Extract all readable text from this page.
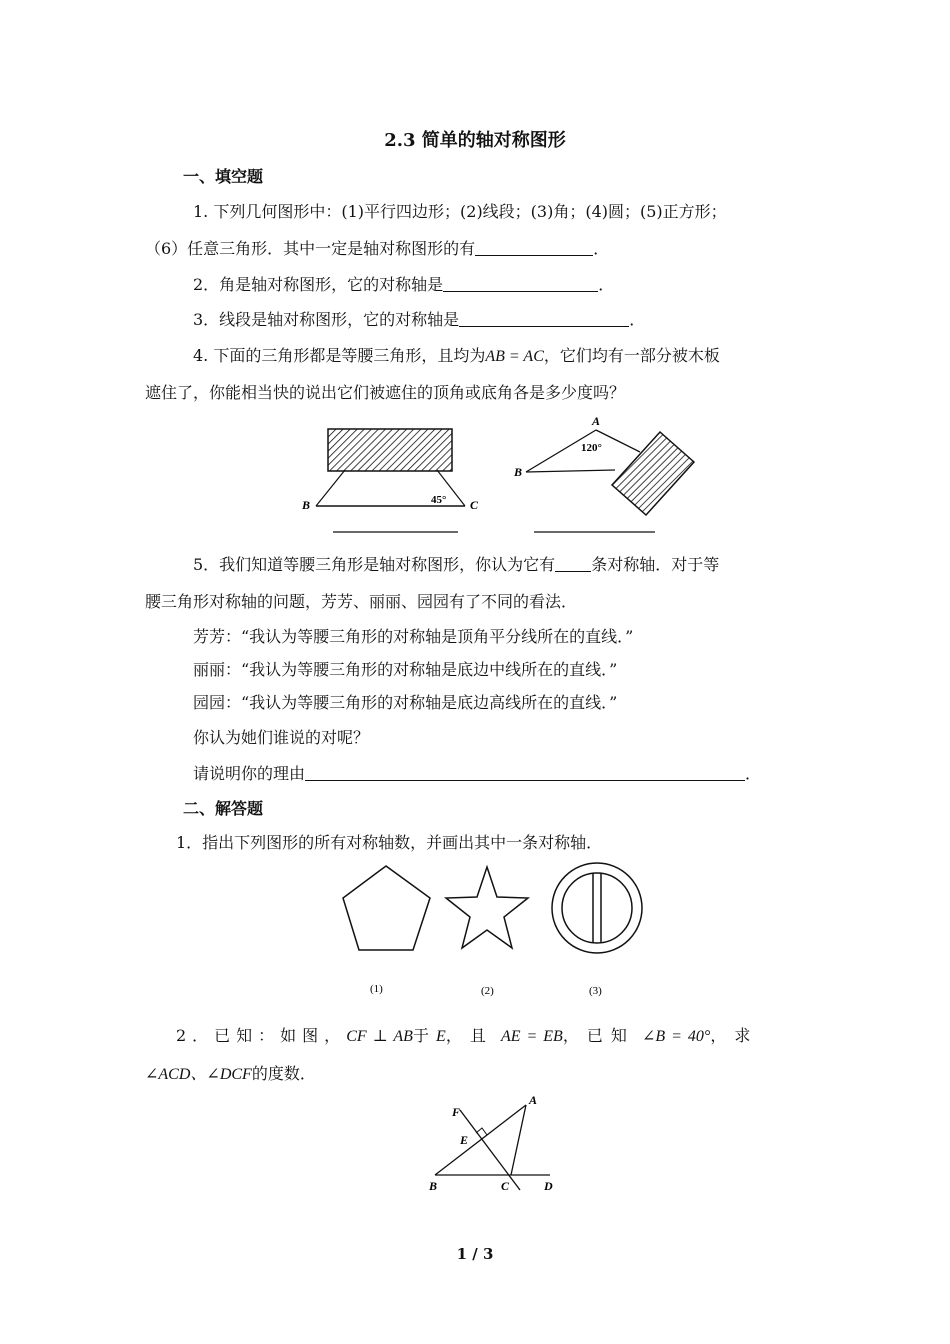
2.3 简单的轴对称图形
一、填空题
1. 下列几何图形中：(1)平行四边形；(2)线段；(3)角；(4)圆；(5)正方形；
（6）任意三角形．其中一定是轴对称图形的有	．
2．角是轴对称图形，它的对称轴是	．
3．线段是轴对称图形，它的对称轴是	．
4. 下面的三角形都是等腰三角形，且均为AB = AC，它们均有一部分被木板
遮住了，你能相当快的说出它们被遮住的顶角或底角各是多少度吗？
B	C
45°
A
B
120°
5．我们知道等腰三角形是轴对称图形，你认为它有 条对称轴．对于等
腰三角形对称轴的问题，芳芳、丽丽、园园有了不同的看法．
芳芳：“我认为等腰三角形的对称轴是顶角平分线所在的直线．”
丽丽：“我认为等腰三角形的对称轴是底边中线所在的直线．”
园园：“我认为等腰三角形的对称轴是底边高线所在的直线．”
你认为她们谁说的对呢？
请说明你的理由	．
二、解答题
1．指出下列图形的所有对称轴数，并画出其中一条对称轴．
(1)	(2)	(3)
2．已知：如图，CF ⊥ AB于 E，且 AE = EB，已知 ∠B = 40°，求
∠ACD、∠DCF的度数．
A
B	C	D
E
F
1 / 3
